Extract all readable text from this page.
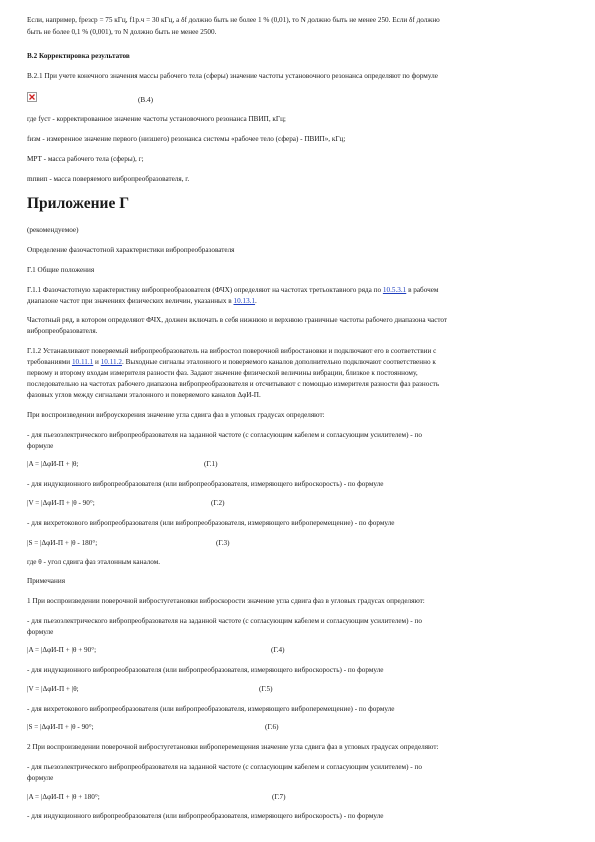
Если, например, fрезср = 75 кГц, f1р.ч = 30 кГц, а δf должно быть не более 1 % (0,01), то N должно быть не менее 250. Если δf должно
быть не более 0,1 % (0,001), то N должно быть не менее 2500.
В.2 Корректировка результатов
В.2.1 При учете конечного значения массы рабочего тела (сферы) значение частоты установочного резонанса определяют по формуле
(В.4)
где fуст - корректированное значение частоты установочного резонанса ПВИП, кГц;
fизм - измеренное значение первого (низшего) резонанса системы «рабочее тело (сфера) - ПВИП», кГц;
MРТ - масса рабочего тела (сферы), г;
mпвип - масса поверяемого вибропреобразователя, г.
Приложение Г
(рекомендуемое)
Определение фазочастотной характеристики вибропреобразователя
Г.1 Общие положения
Г.1.1 Фазочастотную характеристику вибропреобразователя (ФЧХ) определяют на частотах третьоктавного ряда по 10.5.3.1 в рабочем
диапазоне частот при значениях физических величин, указанных в 10.13.1.
Частотный ряд, в котором определяют ФЧХ, должен включать в себя нижнюю и верхнюю граничные частоты рабочего диапазона частот
вибропреобразователя.
Г.1.2 Устанавливают поверяемый вибропреобразователь на вибростол поверочной вибростановки и подключают его в соответствии с
требованиями 10.11.1 и 10.11.2. Выходные сигналы эталонного и поверяемого каналов дополнительно подключают соответственно к
первому и второму входам измерителя разности фаз. Задают значение физической величины вибрации, близкое к постоянному,
последовательно на частотах рабочего диапазона вибропреобразователя и отсчитывают с помощью измерителя разности фаз разность
фазовых углов между сигналами эталонного и поверяемого каналов ΔφИ-П.
При воспроизведении виброускорения значение угла сдвига фаз в угловых градусах определяют:
- для пьезоэлектрического вибропреобразователя на заданной частоте (с согласующим кабелем и согласующим усилителем) - по
формуле
|A = |ΔφИ-П + |θ;	(Г.1)
- для индукционного вибропреобразователя (или вибропреобразователя, измеряющего виброскорость) - по формуле
|V = |ΔφИ-П + |θ - 90°;	(Г.2)
- для вихретокового вибропреобразователя (или вибропреобразователя, измеряющего виброперемещение) - по формуле
|S = |ΔφИ-П + |θ - 180°;	(Г.3)
где θ - угол сдвига фаз эталонным каналом.
Примечания
1 При воспроизведении поверочной вибростугетановки виброскорости значение угла сдвига фаз в угловых градусах определяют:
- для пьезоэлектрического вибропреобразователя на заданной частоте (с согласующим кабелем и согласующим усилителем) - по
формуле
|A = |ΔφИ-П + |θ + 90°;	(Г.4)
- для индукционного вибропреобразователя (или вибропреобразователя, измеряющего виброскорость) - по формуле
|V = |ΔφИ-П + |θ;	(Г.5)
- для вихретокового вибропреобразователя (или вибропреобразователя, измеряющего виброперемещение) - по формуле
|S = |ΔφИ-П + |θ - 90°;	(Г.6)
2 При воспроизведении поверочной вибростугетановки виброперемещения значение угла сдвига фаз в угловых градусах определяют:
- для пьезоэлектрического вибропреобразователя на заданной частоте (с согласующим кабелем и согласующим усилителем) - по
формуле
|A = |ΔφИ-П + |θ + 180°;	(Г.7)
- для индукционного вибропреобразователя (или вибропреобразователя, измеряющего виброскорость) - по формуле
